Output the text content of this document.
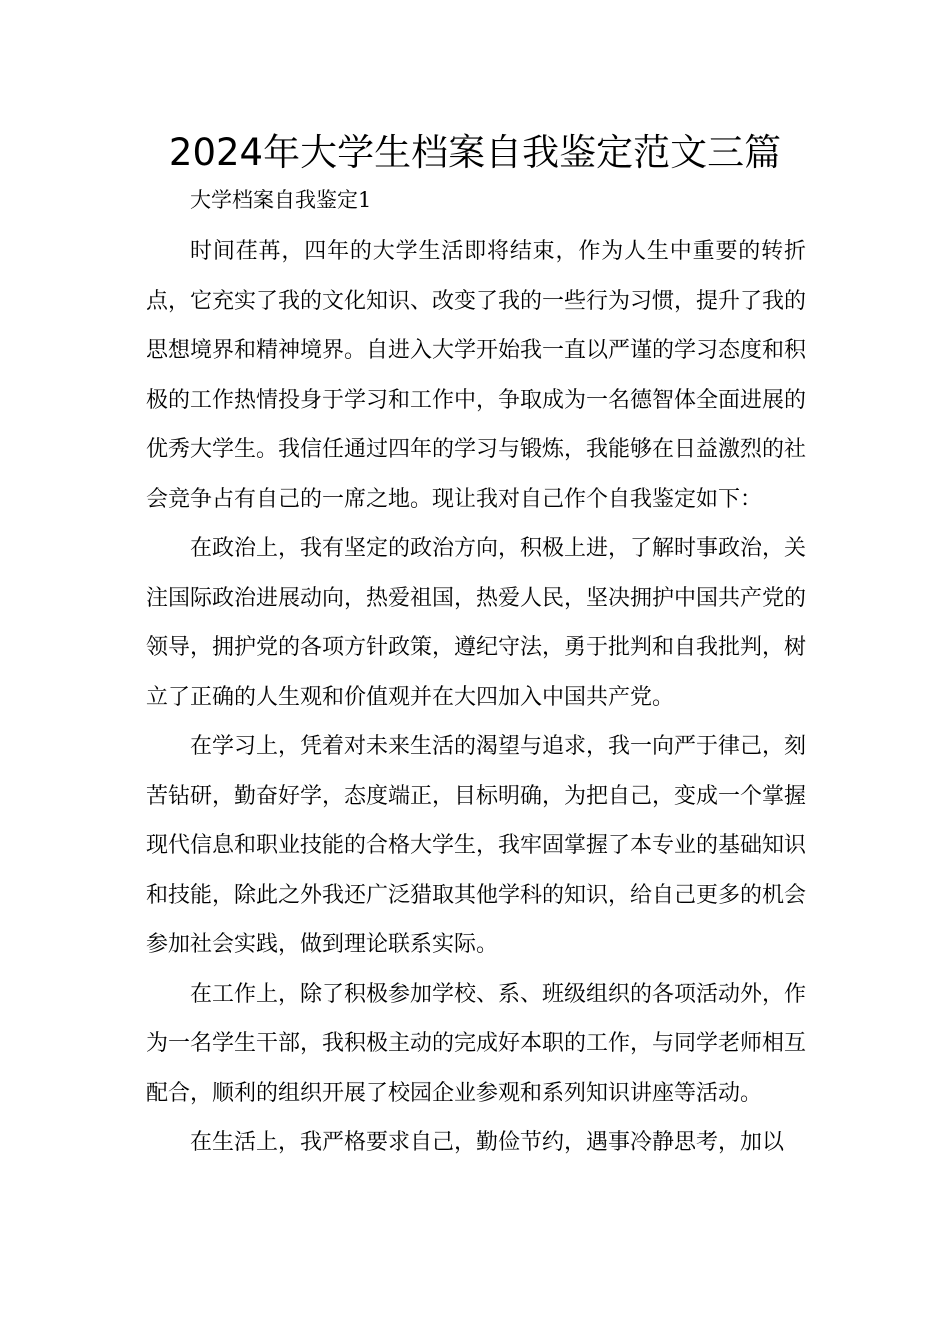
2024年大学生档案自我鉴定范文三篇
大学档案自我鉴定1

时间荏苒，四年的大学生活即将结束，作为人生中重要的转折点，它充实了我的文化知识、改变了我的一些行为习惯，提升了我的思想境界和精神境界。自进入大学开始我一直以严谨的学习态度和积极的工作热情投身于学习和工作中，争取成为一名德智体全面进展的优秀大学生。我信任通过四年的学习与锻炼，我能够在日益激烈的社会竞争占有自己的一席之地。现让我对自己作个自我鉴定如下：

在政治上，我有坚定的政治方向，积极上进，了解时事政治，关注国际政治进展动向，热爱祖国，热爱人民，坚决拥护中国共产党的领导，拥护党的各项方针政策，遵纪守法，勇于批判和自我批判，树立了正确的人生观和价值观并在大四加入中国共产党。

在学习上，凭着对未来生活的渴望与追求，我一向严于律己，刻苦钻研，勤奋好学，态度端正，目标明确，为把自己，变成一个掌握现代信息和职业技能的合格大学生，我牢固掌握了本专业的基础知识和技能，除此之外我还广泛猎取其他学科的知识，给自己更多的机会参加社会实践，做到理论联系实际。

在工作上，除了积极参加学校、系、班级组织的各项活动外，作为一名学生干部，我积极主动的完成好本职的工作，与同学老师相互配合，顺利的组织开展了校园企业参观和系列知识讲座等活动。

在生活上，我严格要求自己，勤俭节约，遇事冷静思考，加以
